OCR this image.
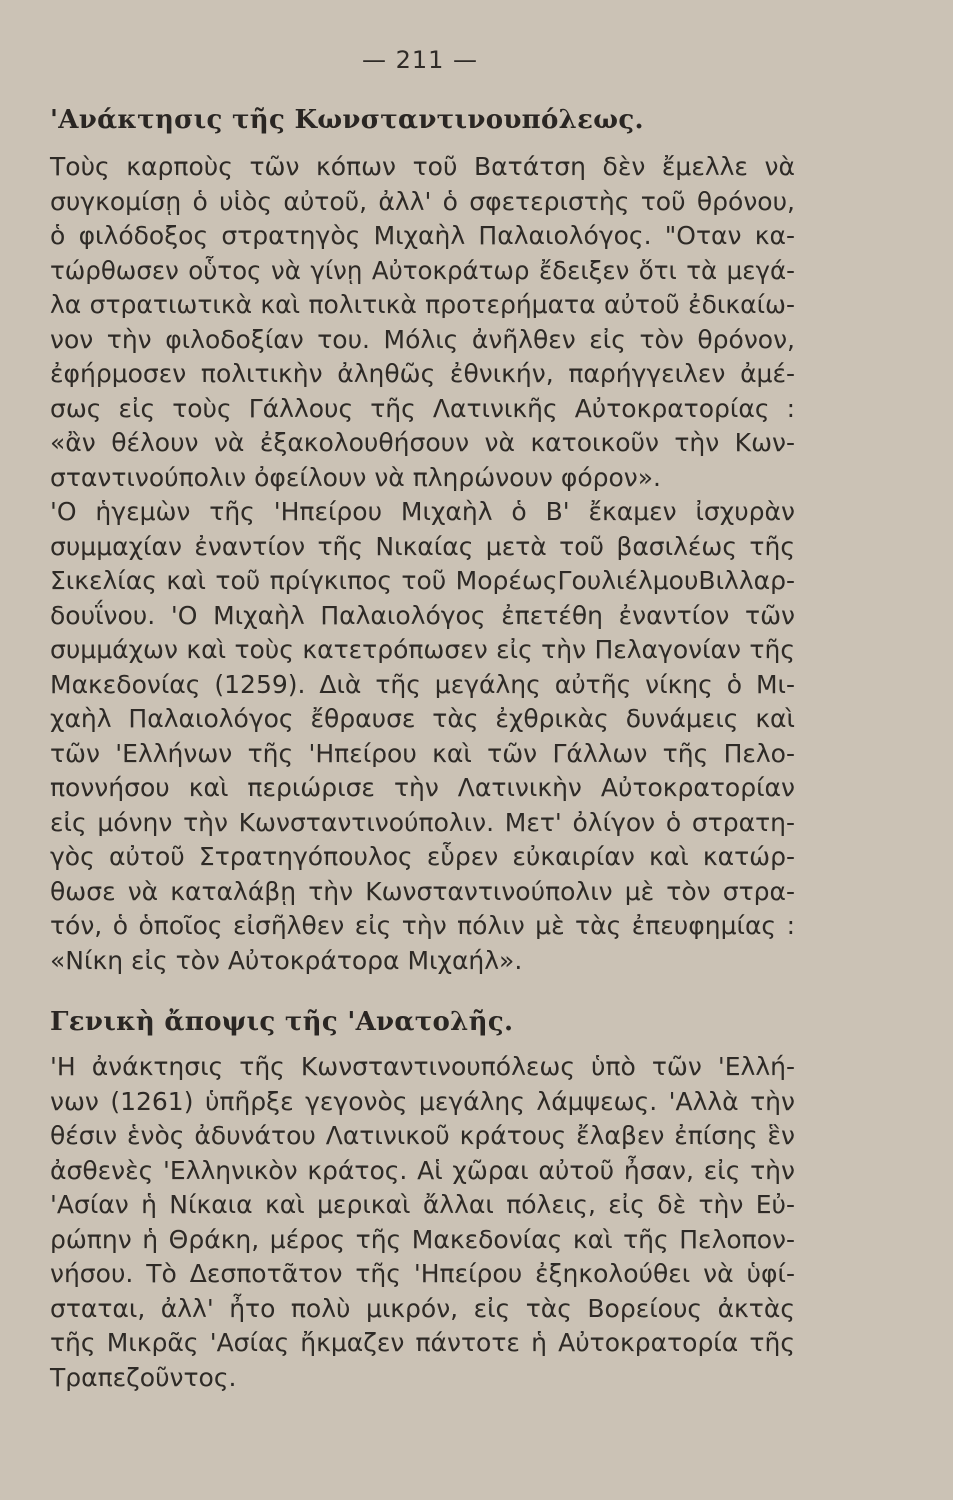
— 211 —
'Ανάκτησις τῆς Κωνσταντινουπόλεως.
Τοὺς καρποὺς τῶν κόπων τοῦ Βατάτση δὲν ἔμελλε νὰ
συγκομίσῃ ὁ υἱὸς αὐτοῦ, ἀλλ' ὁ σφετεριστὴς τοῦ θρόνου,
ὁ φιλόδοξος στρατηγὸς Μιχαὴλ Παλαιολόγος. "Οταν κα-
τώρθωσεν οὗτος νὰ γίνῃ Αὐτοκράτωρ ἔδειξεν ὅτι τὰ μεγά-
λα στρατιωτικὰ καὶ πολιτικὰ προτερήματα αὐτοῦ ἐδικαίω-
νον τὴν φιλοδοξίαν του. Μόλις ἀνῆλθεν εἰς τὸν θρόνον,
ἐφήρμοσεν πολιτικὴν ἀληθῶς ἐθνικήν, παρήγγειλεν ἀμέ-
σως εἰς τοὺς Γάλλους τῆς Λατινικῆς Αὐτοκρατορίας :
«ἂν θέλουν νὰ ἐξακολουθήσουν νὰ κατοικοῦν τὴν Κων-
σταντινούπολιν ὀφείλουν νὰ πληρώνουν φόρον».
'Ο ἡγεμὼν τῆς 'Ηπείρου Μιχαὴλ ὁ Β' ἔκαμεν ἰσχυρὰν
συμμαχίαν ἐναντίον τῆς Νικαίας μετὰ τοῦ βασιλέως τῆς
Σικελίας καὶ τοῦ πρίγκιπος τοῦ ΜορέωςΓουλιέλμουΒιλλαρ-
δουΐνου. 'Ο Μιχαὴλ Παλαιολόγος ἐπετέθη ἐναντίον τῶν
συμμάχων καὶ τοὺς κατετρόπωσεν εἰς τὴν Πελαγονίαν τῆς
Μακεδονίας (1259). Διὰ τῆς μεγάλης αὐτῆς νίκης ὁ Μι-
χαὴλ Παλαιολόγος ἔθραυσε τὰς ἐχθρικὰς δυνάμεις καὶ
τῶν 'Ελλήνων τῆς 'Ηπείρου καὶ τῶν Γάλλων τῆς Πελο-
ποννήσου καὶ περιώρισε τὴν Λατινικὴν Αὐτοκρατορίαν
εἰς μόνην τὴν Κωνσταντινούπολιν. Μετ' ὀλίγον ὁ στρατη-
γὸς αὐτοῦ Στρατηγόπουλος εὗρεν εὐκαιρίαν καὶ κατώρ-
θωσε νὰ καταλάβῃ τὴν Κωνσταντινούπολιν μὲ τὸν στρα-
τόν, ὁ ὁποῖος εἰσῆλθεν εἰς τὴν πόλιν μὲ τὰς ἐπευφημίας :
«Νίκη εἰς τὸν Αὐτοκράτορα Μιχαήλ».
Γενικὴ ἄποψις τῆς 'Ανατολῆς.
'Η ἀνάκτησις τῆς Κωνσταντινουπόλεως ὑπὸ τῶν 'Ελλή-
νων (1261) ὑπῆρξε γεγονὸς μεγάλης λάμψεως. 'Αλλὰ τὴν
θέσιν ἑνὸς ἀδυνάτου Λατινικοῦ κράτους ἔλαβεν ἐπίσης ἓν
ἀσθενὲς 'Ελληνικὸν κράτος. Αἱ χῶραι αὐτοῦ ἦσαν, εἰς τὴν
'Ασίαν ἡ Νίκαια καὶ μερικαὶ ἄλλαι πόλεις, εἰς δὲ τὴν Εὐ-
ρώπην ἡ Θράκη, μέρος τῆς Μακεδονίας καὶ τῆς Πελοπον-
νήσου. Τὸ Δεσποτᾶτον τῆς 'Ηπείρου ἐξηκολούθει νὰ ὑφί-
σταται, ἀλλ' ἦτο πολὺ μικρόν, εἰς τὰς Βορείους ἀκτὰς
τῆς Μικρᾶς 'Ασίας ἤκμαζεν πάντοτε ἡ Αὐτοκρατορία τῆς
Τραπεζοῦντος.
